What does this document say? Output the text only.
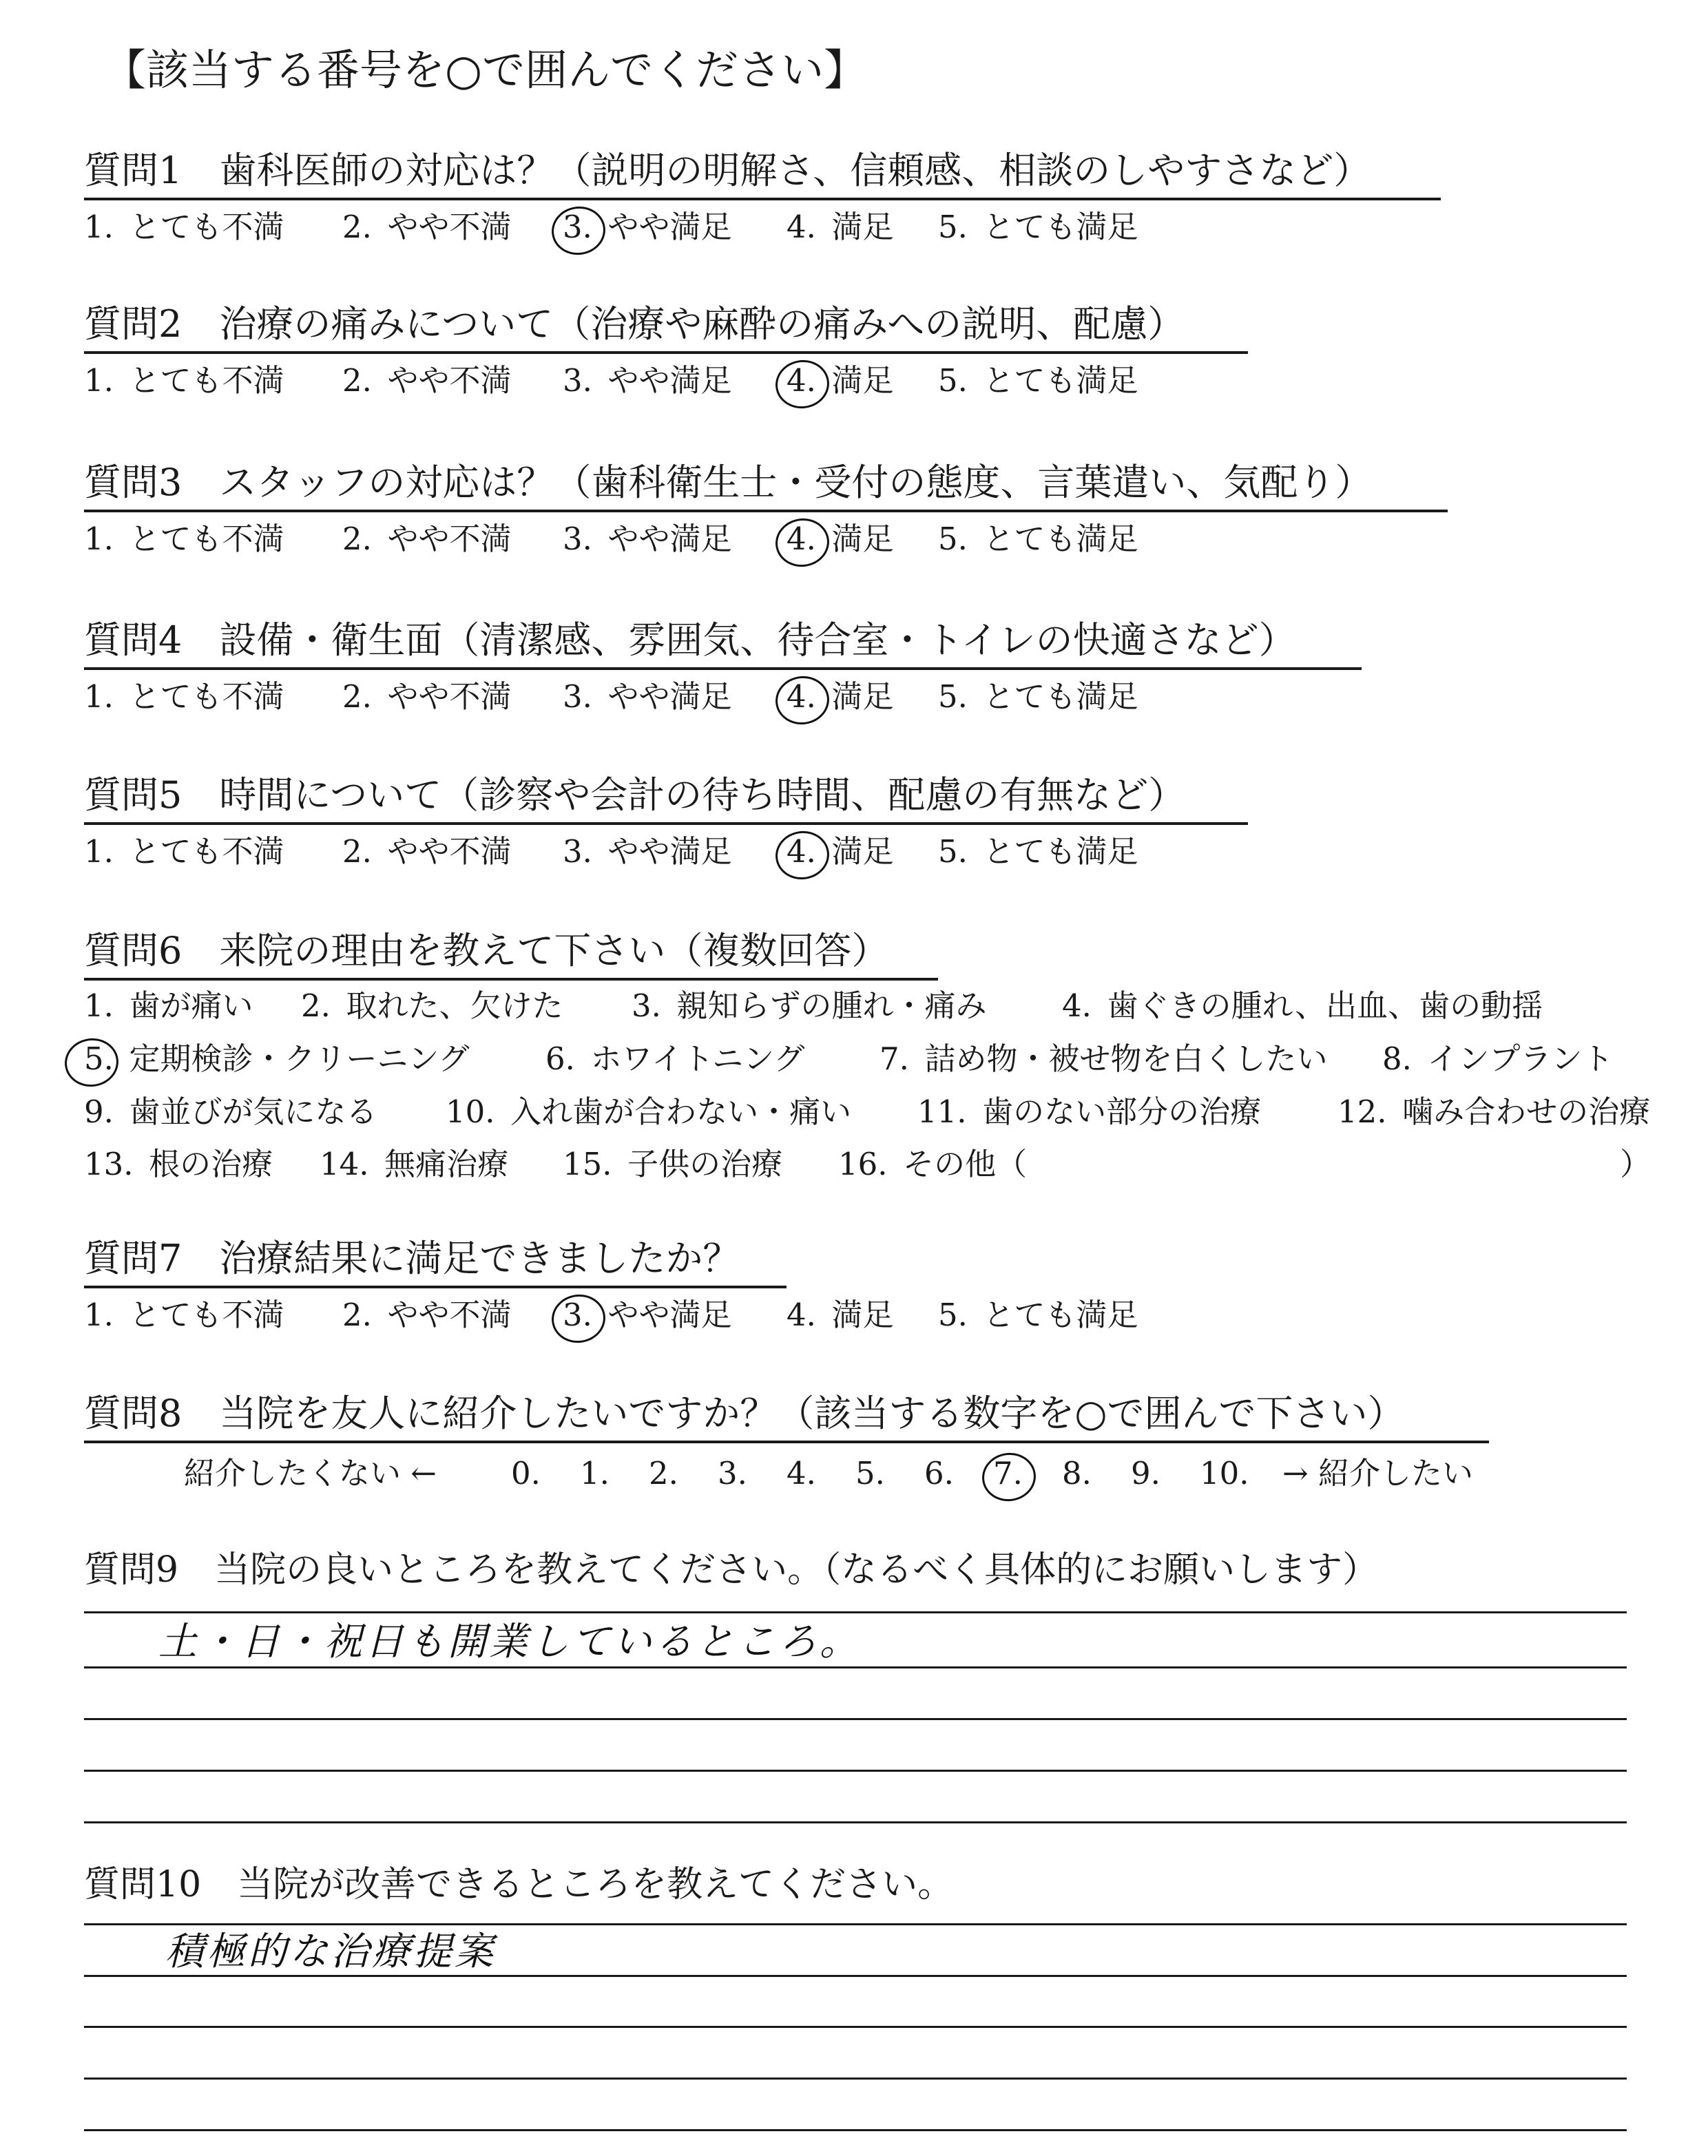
【該当する番号を○で囲んでください】
質問1　歯科医師の対応は？（説明の明解さ、信頼感、相談のしやすさなど）
1.  とても不満 2.  やや不満 3.
  やや満足 4.  満足 5.  とても満足
質問2　治療の痛みについて（治療や麻酔の痛みへの説明、配慮）
1.  とても不満 2.  やや不満 3.  やや満足 4.
  満足 5.  とても満足
質問3　スタッフの対応は？（歯科衛生士・受付の態度、言葉遣い、気配り）
1.  とても不満 2.  やや不満 3.  やや満足 4.
  満足 5.  とても満足
質問4　設備・衛生面（清潔感、雰囲気、待合室・トイレの快適さなど）
1.  とても不満 2.  やや不満 3.  やや満足 4.
  満足 5.  とても満足
質問5　時間について（診察や会計の待ち時間、配慮の有無など）
1.  とても不満 2.  やや不満 3.  やや満足 4.
  満足 5.  とても満足
質問6　来院の理由を教えて下さい（複数回答）
1.  歯が痛い 2.  取れた、欠けた 3.  親知らずの腫れ・痛み 4.  歯ぐきの腫れ、出血、歯の動揺
5.
  定期検診・クリーニング 6.  ホワイトニング 7.  詰め物・被せ物を白くしたい 8.  インプラント
9.  歯並びが気になる 10.  入れ歯が合わない・痛い 11.  歯のない部分の治療 12.  噛み合わせの治療
13.  根の治療 14.  無痛治療 15.  子供の治療 16.  その他（	）
質問7　治療結果に満足できましたか？
1.  とても不満 2.  やや不満 3.
  やや満足 4.  満足 5.  とても満足
質問8　当院を友人に紹介したいですか？（該当する数字を○で囲んで下さい）
紹介したくない ← 0. 1. 2. 3. 4. 5. 6. 7. 8. 9. 10. → 紹介したい
質問9　当院の良いところを教えてください。（なるべく具体的にお願いします）
土・日・祝日も開業しているところ。
質問10　当院が改善できるところを教えてください。
積極的な治療提案
